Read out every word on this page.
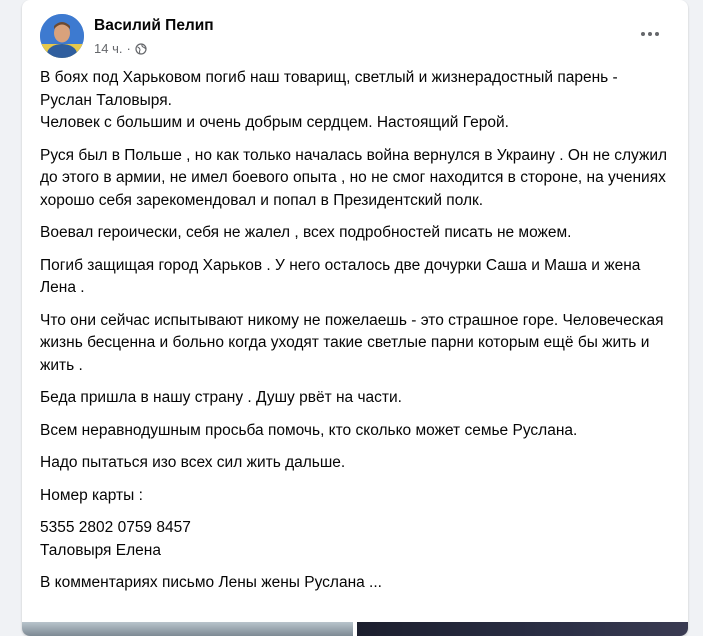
Василий Пелип
14 ч. ·

В боях под Харьковом погиб наш товарищ, светлый и жизнерадостный парень - Руслан Таловыря.
Человек с большим и очень добрым сердцем. Настоящий Герой.

Руся был в Польше , но как только началась война вернулся в Украину . Он не служил до этого в армии, не имел боевого опыта , но не смог находится в стороне, на учениях хорошо себя зарекомендовал и попал в Президентский полк.

Воевал героически, себя не жалел , всех подробностей писать не можем.

Погиб защищая город Харьков . У него осталось две дочурки Саша и Маша и жена Лена .

Что они сейчас испытывают никому не пожелаешь - это страшное горе. Человеческая жизнь бесценна и больно когда уходят такие светлые парни которым ещё бы жить и жить .

Беда пришла в нашу страну . Душу рвёт на части.

Всем неравнодушным просьба помочь, кто сколько может семье Руслана.

Надо пытаться изо всех сил жить дальше.

Номер карты :

5355 2802 0759 8457
Таловыря Елена

В комментариях письмо Лены жены Руслана ...
